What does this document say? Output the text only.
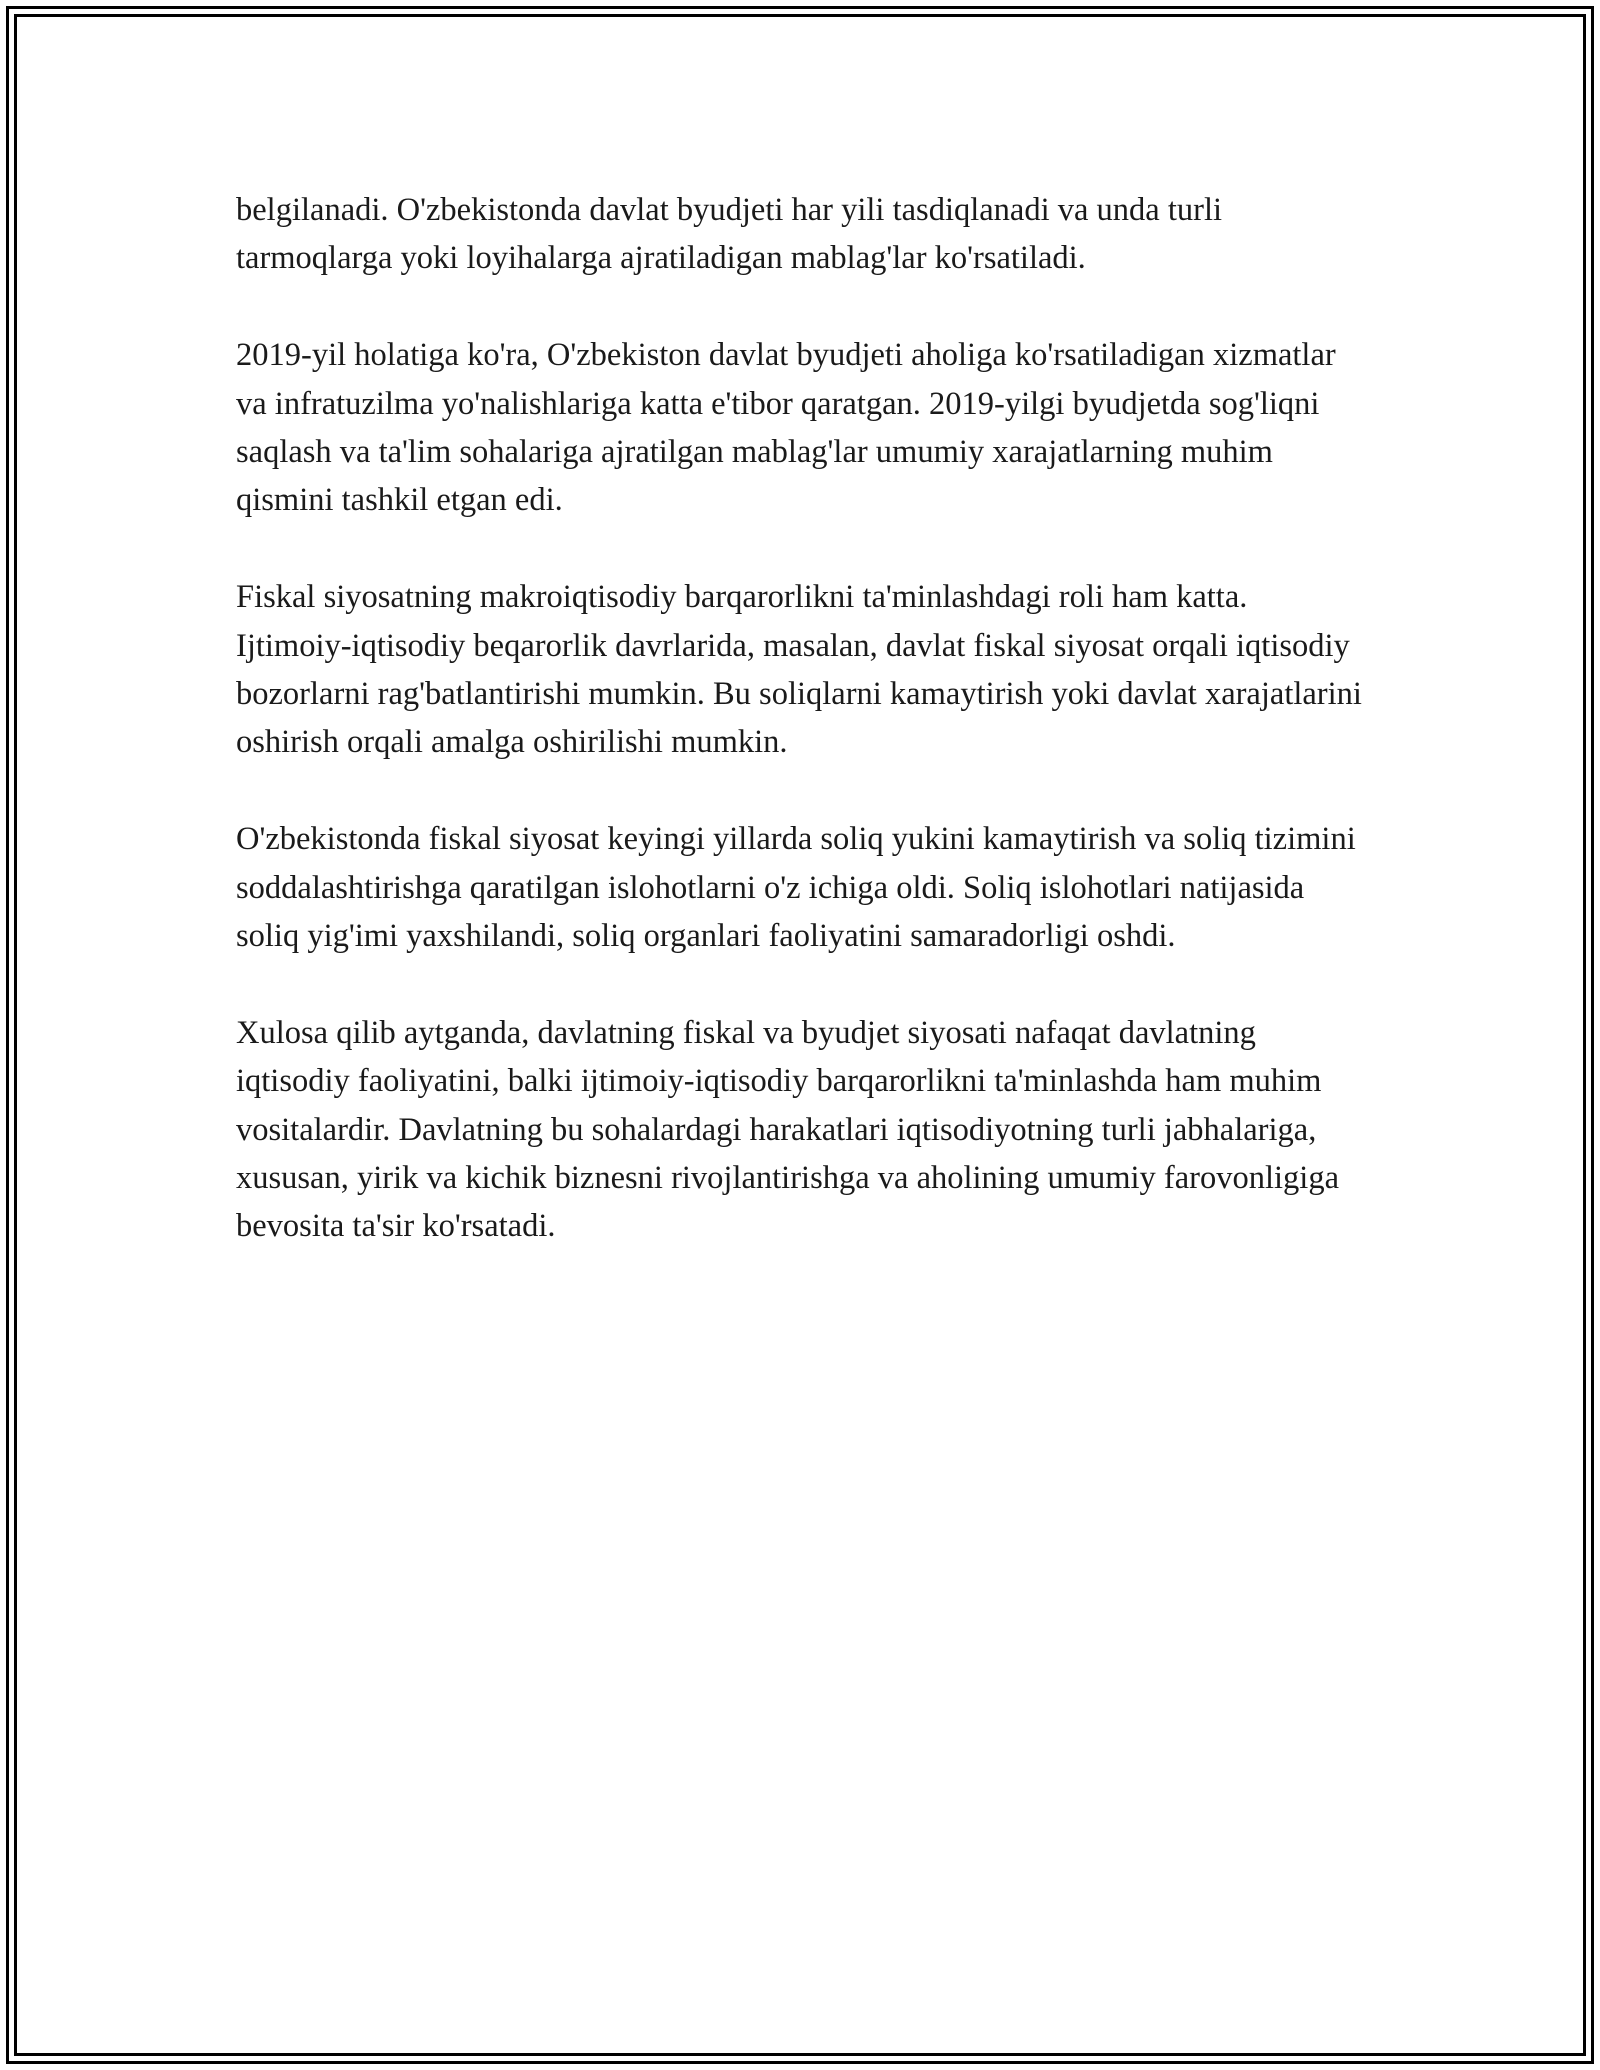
belgilanadi. O'zbekistonda davlat byudjeti har yili tasdiqlanadi va unda turli tarmoqlarga yoki loyihalarga ajratiladigan mablag'lar ko'rsatiladi.

2019-yil holatiga ko'ra, O'zbekiston davlat byudjeti aholiga ko'rsatiladigan xizmatlar va infratuzilma yo'nalishlariga katta e'tibor qaratgan. 2019-yilgi byudjetda sog'liqni saqlash va ta'lim sohalariga ajratilgan mablag'lar umumiy xarajatlarning muhim qismini tashkil etgan edi.

Fiskal siyosatning makroiqtisodiy barqarorlikni ta'minlashdagi roli ham katta. Ijtimoiy-iqtisodiy beqarorlik davrlarida, masalan, davlat fiskal siyosat orqali iqtisodiy bozorlarni rag'batlantirishi mumkin. Bu soliqlarni kamaytirish yoki davlat xarajatlarini oshirish orqali amalga oshirilishi mumkin.

O'zbekistonda fiskal siyosat keyingi yillarda soliq yukini kamaytirish va soliq tizimini soddalashtirishga qaratilgan islohotlarni o'z ichiga oldi. Soliq islohotlari natijasida soliq yig'imi yaxshilandi, soliq organlari faoliyatini samaradorligi oshdi.

Xulosa qilib aytganda, davlatning fiskal va byudjet siyosati nafaqat davlatning iqtisodiy faoliyatini, balki ijtimoiy-iqtisodiy barqarorlikni ta'minlashda ham muhim vositalardir. Davlatning bu sohalardagi harakatlari iqtisodiyotning turli jabhalariga, xususan, yirik va kichik biznesni rivojlantirishga va aholining umumiy farovonligiga bevosita ta'sir ko'rsatadi.
